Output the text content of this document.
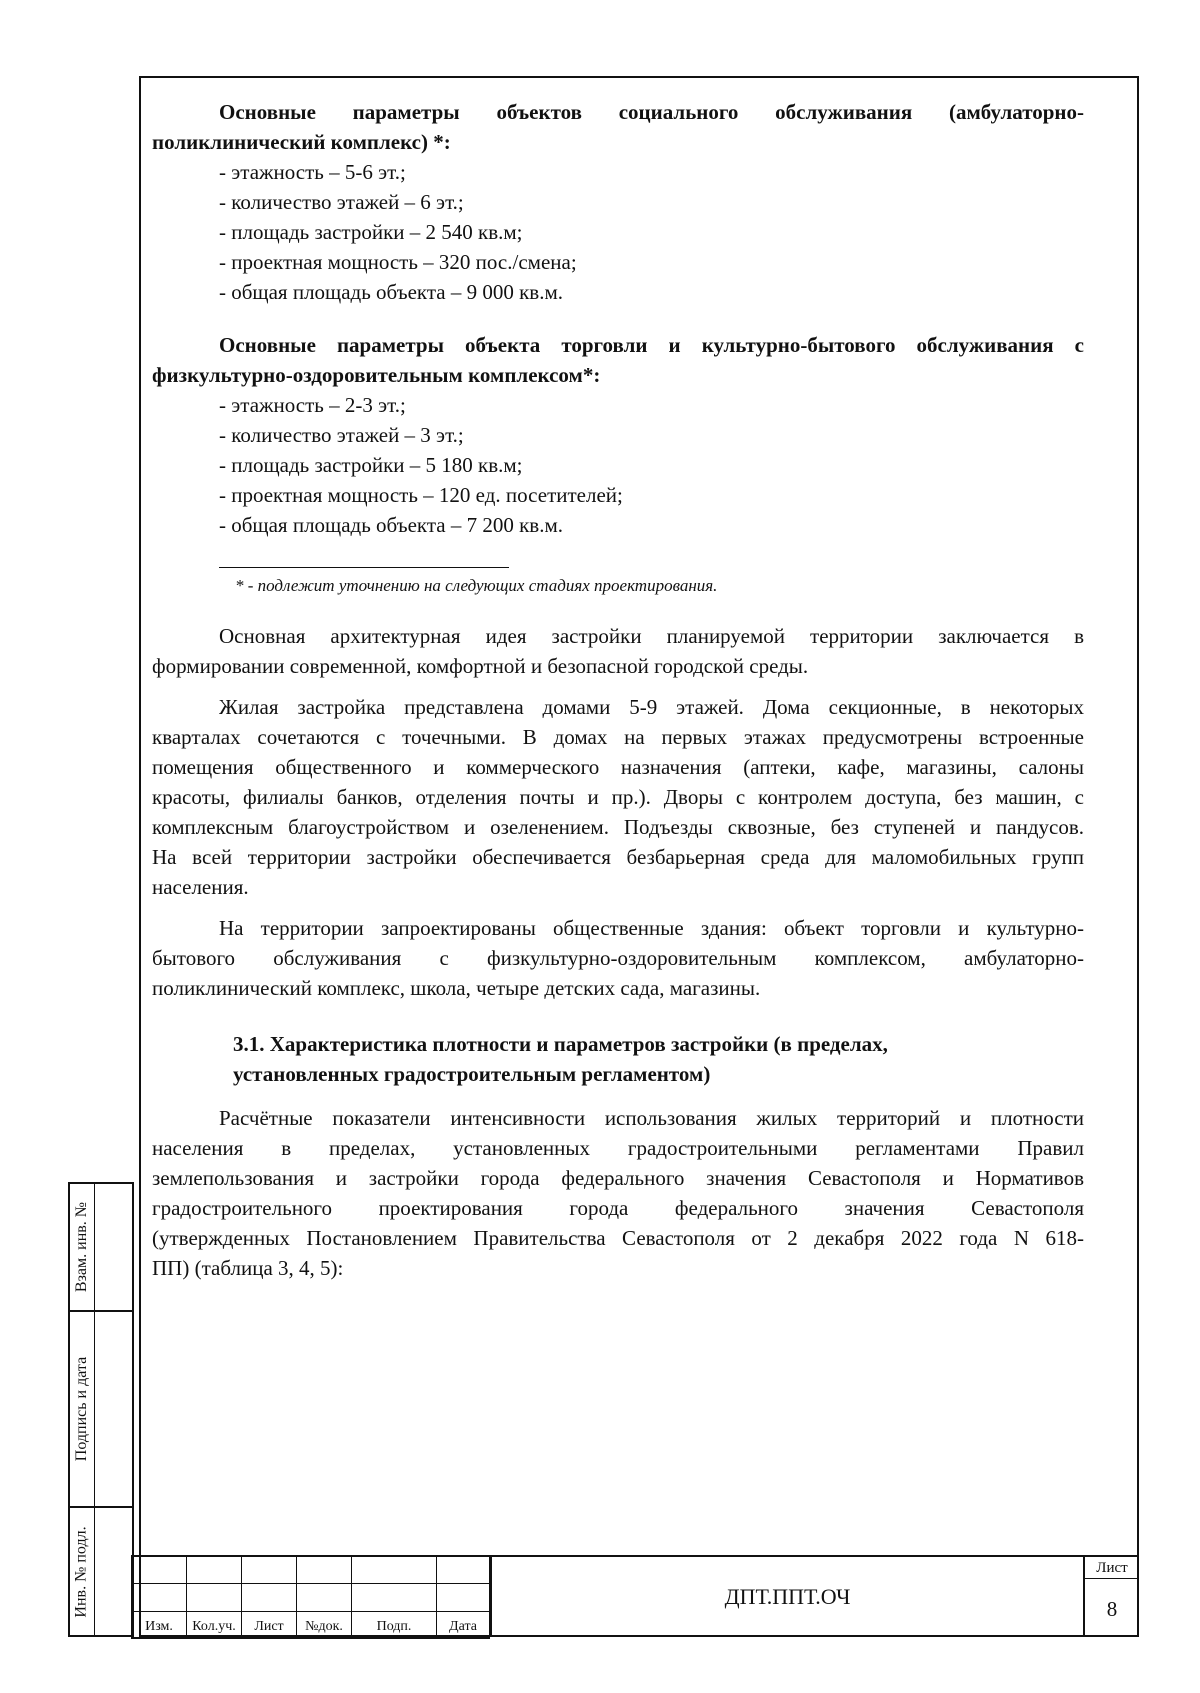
Основные параметры объектов социального обслуживания (амбулаторно-

поликлинический комплекс) *:

- этажность – 5-6 эт.;

- количество этажей – 6 эт.;

- площадь застройки – 2 540 кв.м;

- проектная мощность – 320 пос./смена;

- общая площадь объекта – 9 000 кв.м.

Основные параметры объекта торговли и культурно-бытового обслуживания с

физкультурно-оздоровительным комплексом*:

- этажность – 2-3 эт.;

- количество этажей – 3 эт.;

- площадь застройки – 5 180 кв.м;

- проектная мощность – 120 ед. посетителей;

- общая площадь объекта – 7 200 кв.м.

* - подлежит уточнению на следующих стадиях проектирования.

Основная архитектурная идея застройки планируемой территории заключается в

формировании современной, комфортной и безопасной городской среды.

Жилая застройка представлена домами 5-9 этажей. Дома секционные, в некоторых

кварталах сочетаются с точечными. В домах на первых этажах предусмотрены встроенные

помещения общественного и коммерческого назначения (аптеки, кафе, магазины, салоны

красоты, филиалы банков, отделения почты и пр.). Дворы с контролем доступа, без машин, с

комплексным благоустройством и озеленением. Подъезды сквозные, без ступеней и пандусов.

На всей территории застройки обеспечивается безбарьерная среда для маломобильных групп

населения.

На территории запроектированы общественные здания: объект торговли и культурно-

бытового обслуживания с физкультурно-оздоровительным комплексом, амбулаторно-

поликлинический комплекс, школа, четыре детских сада, магазины.

3.1. Характеристика плотности и параметров застройки (в пределах,

установленных градостроительным регламентом)

Расчётные показатели интенсивности использования жилых территорий и плотности

населения в пределах, установленных градостроительными регламентами Правил

землепользования и застройки города федерального значения Севастополя и Нормативов

градостроительного проектирования города федерального значения Севастополя

(утвержденных Постановлением Правительства Севастополя от 2 декабря 2022 года N 618-

ПП) (таблица 3, 4, 5):

Взам. инв. №
Подпись и дата
Инв. № подл.
Изм.	Кол.уч.	Лист	№док.	Подп.	Дата
ДПТ.ППТ.ОЧ
Лист
8
